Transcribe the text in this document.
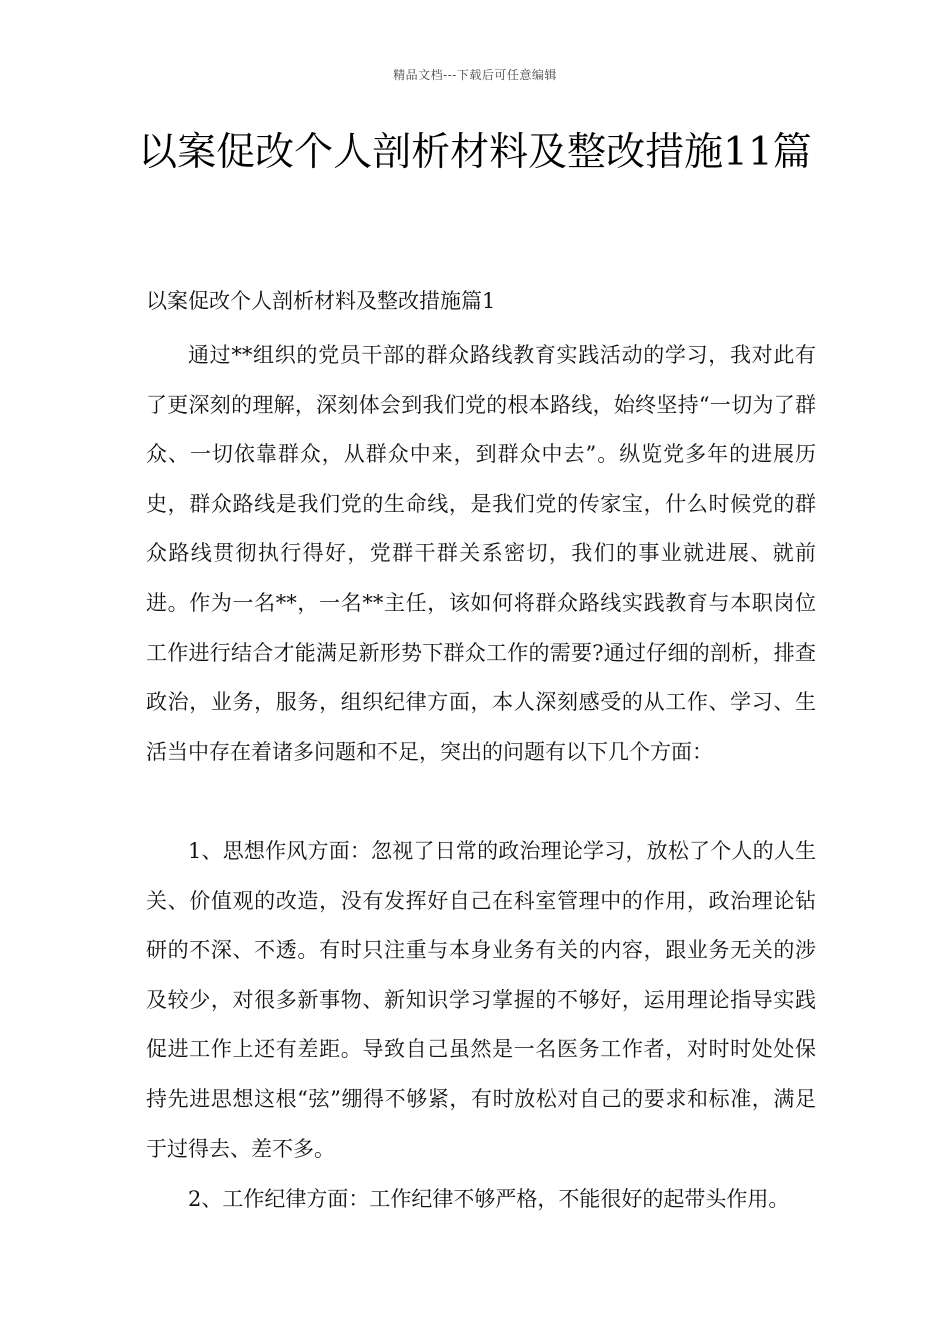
精品文档---下载后可任意编辑
以案促改个人剖析材料及整改措施11篇
以案促改个人剖析材料及整改措施篇1

通过**组织的党员干部的群众路线教育实践活动的学习，我对此有了更深刻的理解，深刻体会到我们党的根本路线，始终坚持“一切为了群众、一切依靠群众，从群众中来，到群众中去”。纵览党多年的进展历史，群众路线是我们党的生命线，是我们党的传家宝，什么时候党的群众路线贯彻执行得好，党群干群关系密切，我们的事业就进展、就前进。作为一名**，一名**主任，该如何将群众路线实践教育与本职岗位工作进行结合才能满足新形势下群众工作的需要?通过仔细的剖析，排查政治，业务，服务，组织纪律方面，本人深刻感受的从工作、学习、生活当中存在着诸多问题和不足，突出的问题有以下几个方面：

1、思想作风方面：忽视了日常的政治理论学习，放松了个人的人生关、价值观的改造，没有发挥好自己在科室管理中的作用，政治理论钻研的不深、不透。有时只注重与本身业务有关的内容，跟业务无关的涉及较少，对很多新事物、新知识学习掌握的不够好，运用理论指导实践促进工作上还有差距。导致自己虽然是一名医务工作者，对时时处处保持先进思想这根“弦”绷得不够紧，有时放松对自己的要求和标准，满足于过得去、差不多。

2、工作纪律方面：工作纪律不够严格，不能很好的起带头作用。
